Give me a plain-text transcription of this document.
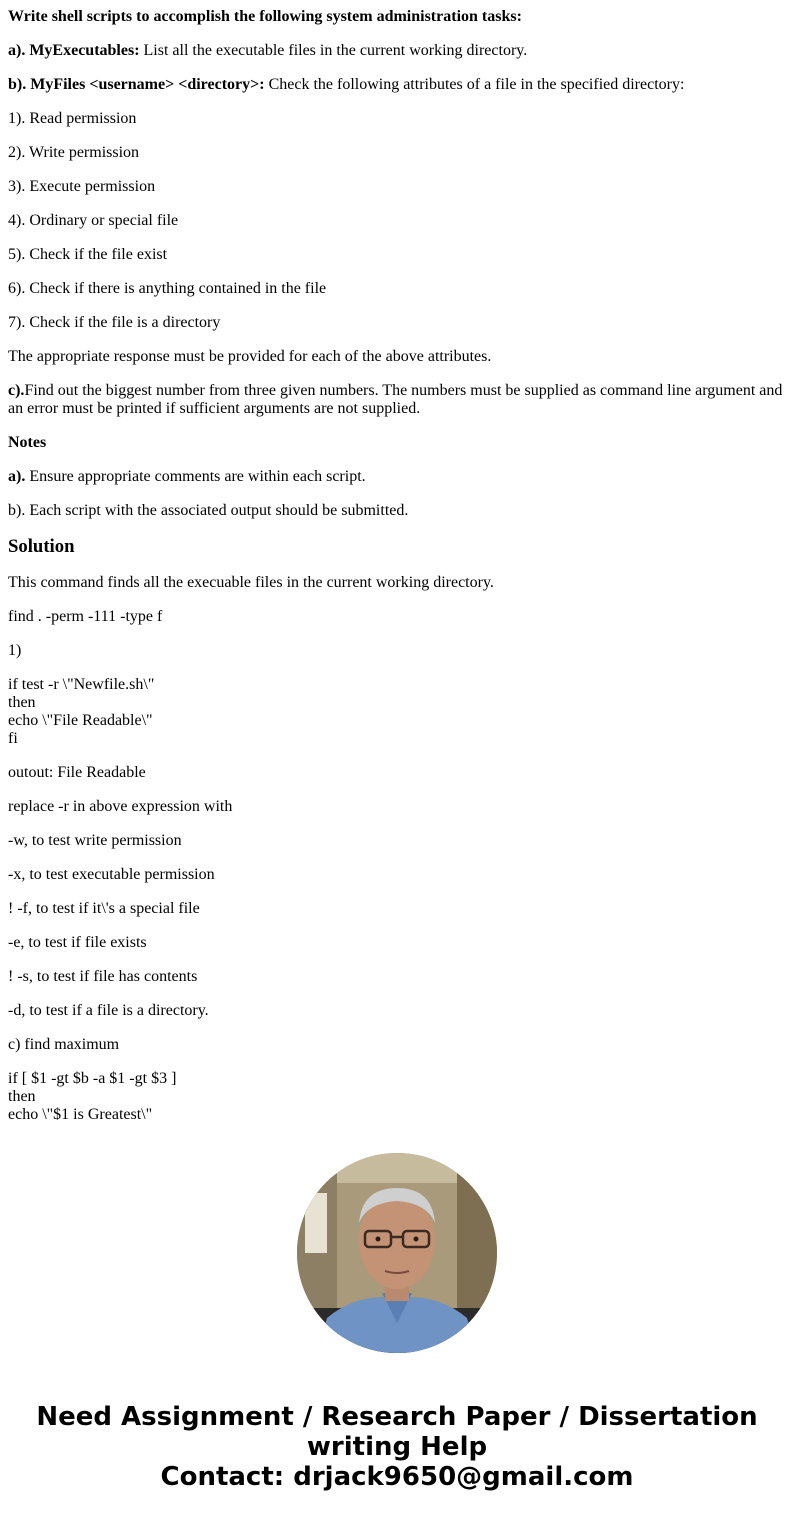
Write shell scripts to accomplish the following system administration tasks:

a). MyExecutables: List all the executable files in the current working directory.

b). MyFiles <username> <directory>: Check the following attributes of a file in the specified directory:

1). Read permission

2). Write permission

3). Execute permission

4). Ordinary or special file

5). Check if the file exist

6). Check if there is anything contained in the file

7). Check if the file is a directory

The appropriate response must be provided for each of the above attributes.

c).Find out the biggest number from three given numbers. The numbers must be supplied as command line argument and an error must be printed if sufficient arguments are not supplied.

Notes

a). Ensure appropriate comments are within each script.

b). Each script with the associated output should be submitted.

Solution

This command finds all the execuable files in the current working directory.

find . -perm -111 -type f

1)

if test -r \"Newfile.sh\"
then
echo \"File Readable\"
fi

outout: File Readable

replace -r in above expression with

-w, to test write permission

-x, to test executable permission

! -f, to test if it\'s a special file

-e, to test if file exists

! -s, to test if file has contents

-d, to test if a file is a directory.

c) find maximum

if [ $1 -gt $b -a $1 -gt $3 ]
then
echo \"$1 is Greatest\"

Need Assignment / Research Paper / Dissertation
writing Help
Contact: drjack9650@gmail.com
